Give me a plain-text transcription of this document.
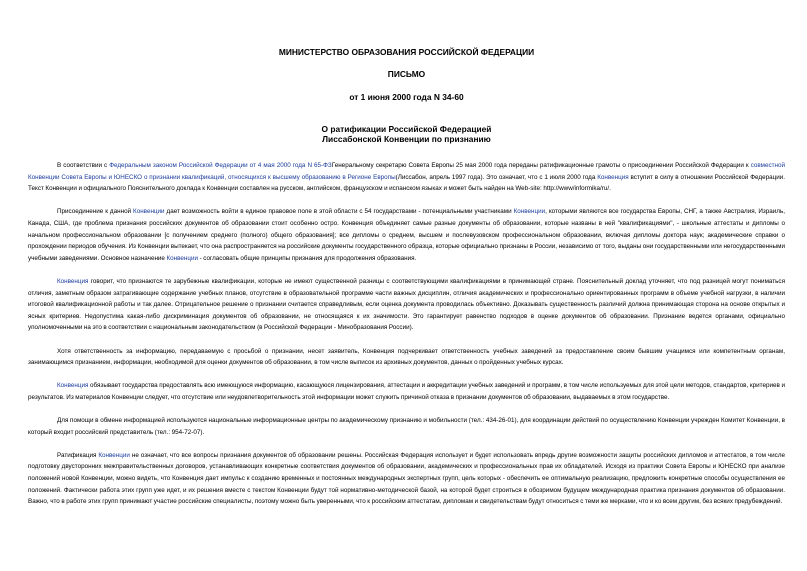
МИНИСТЕРСТВО ОБРАЗОВАНИЯ РОССИЙСКОЙ ФЕДЕРАЦИИ
ПИСЬМО
от 1 июня 2000 года N 34-60
О ратификации Российской Федерацией
Лиссабонской Конвенции по признанию

В соответствии с Федеральным законом Российской Федерации от 4 мая 2000 года N 65-ФЗГенеральному секретарю Совета Европы 25 мая 2000 года переданы ратификационные грамоты о присоединении Российской Федерации к совместной Конвенции Совета Европы и ЮНЕСКО о признании квалификаций, относящихся к высшему образованию в Регионе Европы(Лиссабон, апрель 1997 года). Это означает, что с 1 июля 2000 года Конвенция вступит в силу в отношении Российской Федерации. Текст Конвенции и официального Пояснительного доклада к Конвенции составлен на русском, английском, французском и испанском языках и может быть найден на Web-site: http://www/informika/ru/.

Присоединение к данной Конвенции дает возможность войти в единое правовое поле в этой области с 54 государствами - потенциальными участниками Конвенции, которыми являются все государства Европы, СНГ, а также Австралия, Израиль, Канада, США, где проблема признания российских документов об образовании стоит особенно остро. Конвенция объединяет самые разные документы об образовании, которые названы в ней "квалификациями", - школьные аттестаты и дипломы о начальном профессиональном образовании [с получением среднего (полного) общего образования]; все дипломы о среднем, высшем и послевузовском профессиональном образовании, включая дипломы доктора наук; академические справки о прохождении периодов обучения. Из Конвенции вытекает, что она распространяется на российские документы государственного образца, которые официально признаны в России, независимо от того, выданы они государственными или негосударственными учебными заведениями. Основное назначение Конвенции - согласовать общие принципы признания для продолжения образования.

Конвенция говорит, что признаются те зарубежные квалификации, которые не имеют существенной разницы с соответствующими квалификациями в принимающей стране. Пояснительный доклад уточняет, что под разницей могут пониматься отличия, заметным образом затрагивающие содержание учебных планов, отсутствие в образовательной программе части важных дисциплин, отличия академических и профессионально ориентированных программ в объеме учебной нагрузки, в наличии итоговой квалификационной работы и так далее. Отрицательное решение о признании считается справедливым, если оценка документа проводилась объективно. Доказывать существенность различий должна принимающая сторона на основе открытых и ясных критериев. Недопустима какая-либо дискриминация документов об образовании, не относящаяся к их значимости. Это гарантирует равенство подходов в оценке документов об образовании. Признание ведется органами, официально уполномоченными на это в соответствии с национальным законодательством (в Российской Федерации - Минобразования России).

Хотя ответственность за информацию, передаваемую с просьбой о признании, несет заявитель, Конвенция подчеркивает ответственность учебных заведений за предоставление своим бывшим учащимся или компетентным органам, занимающимся признанием, информации, необходимой для оценки документов об образовании, в том числе выписок из архивных документов, данных о пройденных учебных курсах.

Конвенция обязывает государства предоставлять всю имеющуюся информацию, касающуюся лицензирования, аттестации и аккредитации учебных заведений и программ, в том числе используемых для этой цели методов, стандартов, критериев и результатов. Из материалов Конвенции следует, что отсутствие или неудовлетворительность этой информации может служить причиной отказа в признании документов об образовании, выдаваемых в этом государстве.

Для помощи в обмене информацией используются национальные информационные центры по академическому признанию и мобильности (тел.: 434-26-01), для координации действий по осуществлению Конвенции учрежден Комитет Конвенции, в который входит российский представитель (тел.: 954-72-07).

Ратификация Конвенции не означает, что все вопросы признания документов об образовании решены. Российская Федерация использует и будет использовать впредь другие возможности защиты российских дипломов и аттестатов, в том числе подготовку двусторонних межправительственных договоров, устанавливающих конкретные соответствия документов об образовании, академических и профессиональных прав их обладателей. Исходя из практики Совета Европы и ЮНЕСКО при анализе положений новой Конвенции, можно видеть, что Конвенция дает импульс к созданию временных и постоянных международных экспертных групп, цель которых - обеспечить ее оптимальную реализацию, предложить конкретные способы осуществления ее положений. Фактически работа этих групп уже идет, и их решения вместе с текстом Конвенции будут той нормативно-методической базой, на которой будет строиться в обозримом будущем международная практика признания документов об образовании. Важно, что в работе этих групп принимают участие российские специалисты, поэтому можно быть уверенными, что к российским аттестатам, дипломам и свидетельствам будут относиться с теми же мерками, что и ко всем другим, без всяких предубеждений.
